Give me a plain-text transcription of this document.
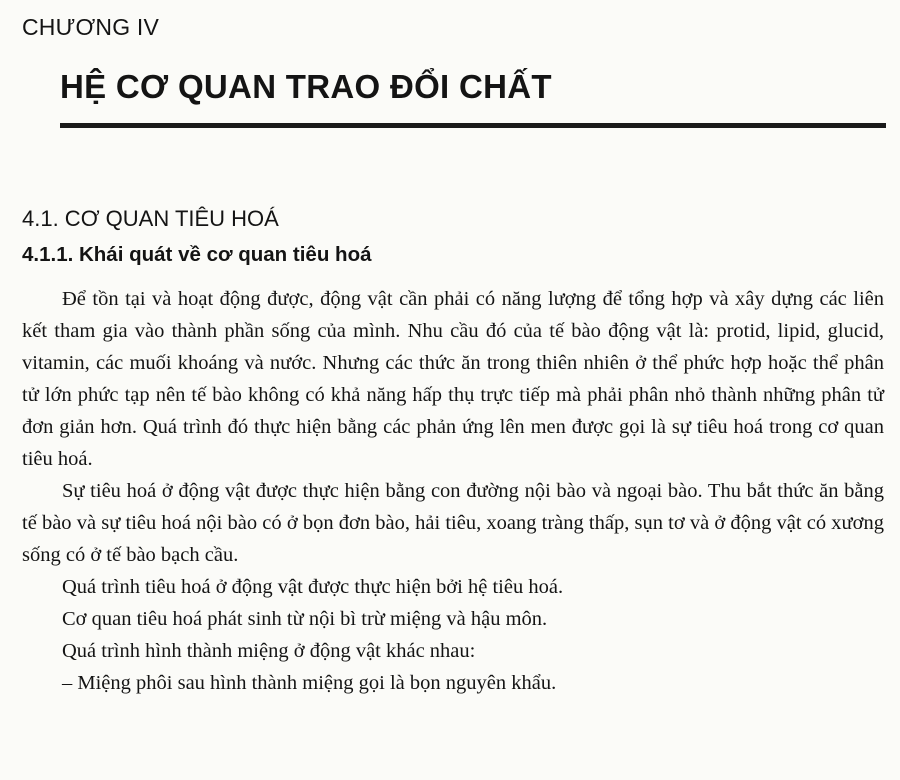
CHƯƠNG IV
HỆ CƠ QUAN TRAO ĐỔI CHẤT
4.1. CƠ QUAN TIÊU HOÁ
4.1.1. Khái quát về cơ quan tiêu hoá

Để tồn tại và hoạt động được, động vật cần phải có năng lượng để tổng hợp và xây dựng các liên kết tham gia vào thành phần sống của mình. Nhu cầu đó của tế bào động vật là: protid, lipid, glucid, vitamin, các muối khoáng và nước. Nhưng các thức ăn trong thiên nhiên ở thể phức hợp hoặc thể phân tử lớn phức tạp nên tế bào không có khả năng hấp thụ trực tiếp mà phải phân nhỏ thành những phân tử đơn giản hơn. Quá trình đó thực hiện bằng các phản ứng lên men được gọi là sự tiêu hoá trong cơ quan tiêu hoá.

Sự tiêu hoá ở động vật được thực hiện bằng con đường nội bào và ngoại bào. Thu bắt thức ăn bằng tế bào và sự tiêu hoá nội bào có ở bọn đơn bào, hải tiêu, xoang tràng thấp, sụn tơ và ở động vật có xương sống có ở tế bào bạch cầu.

Quá trình tiêu hoá ở động vật được thực hiện bởi hệ tiêu hoá.

Cơ quan tiêu hoá phát sinh từ nội bì trừ miệng và hậu môn.

Quá trình hình thành miệng ở động vật khác nhau:

– Miệng phôi sau hình thành miệng gọi là bọn nguyên khẩu.
